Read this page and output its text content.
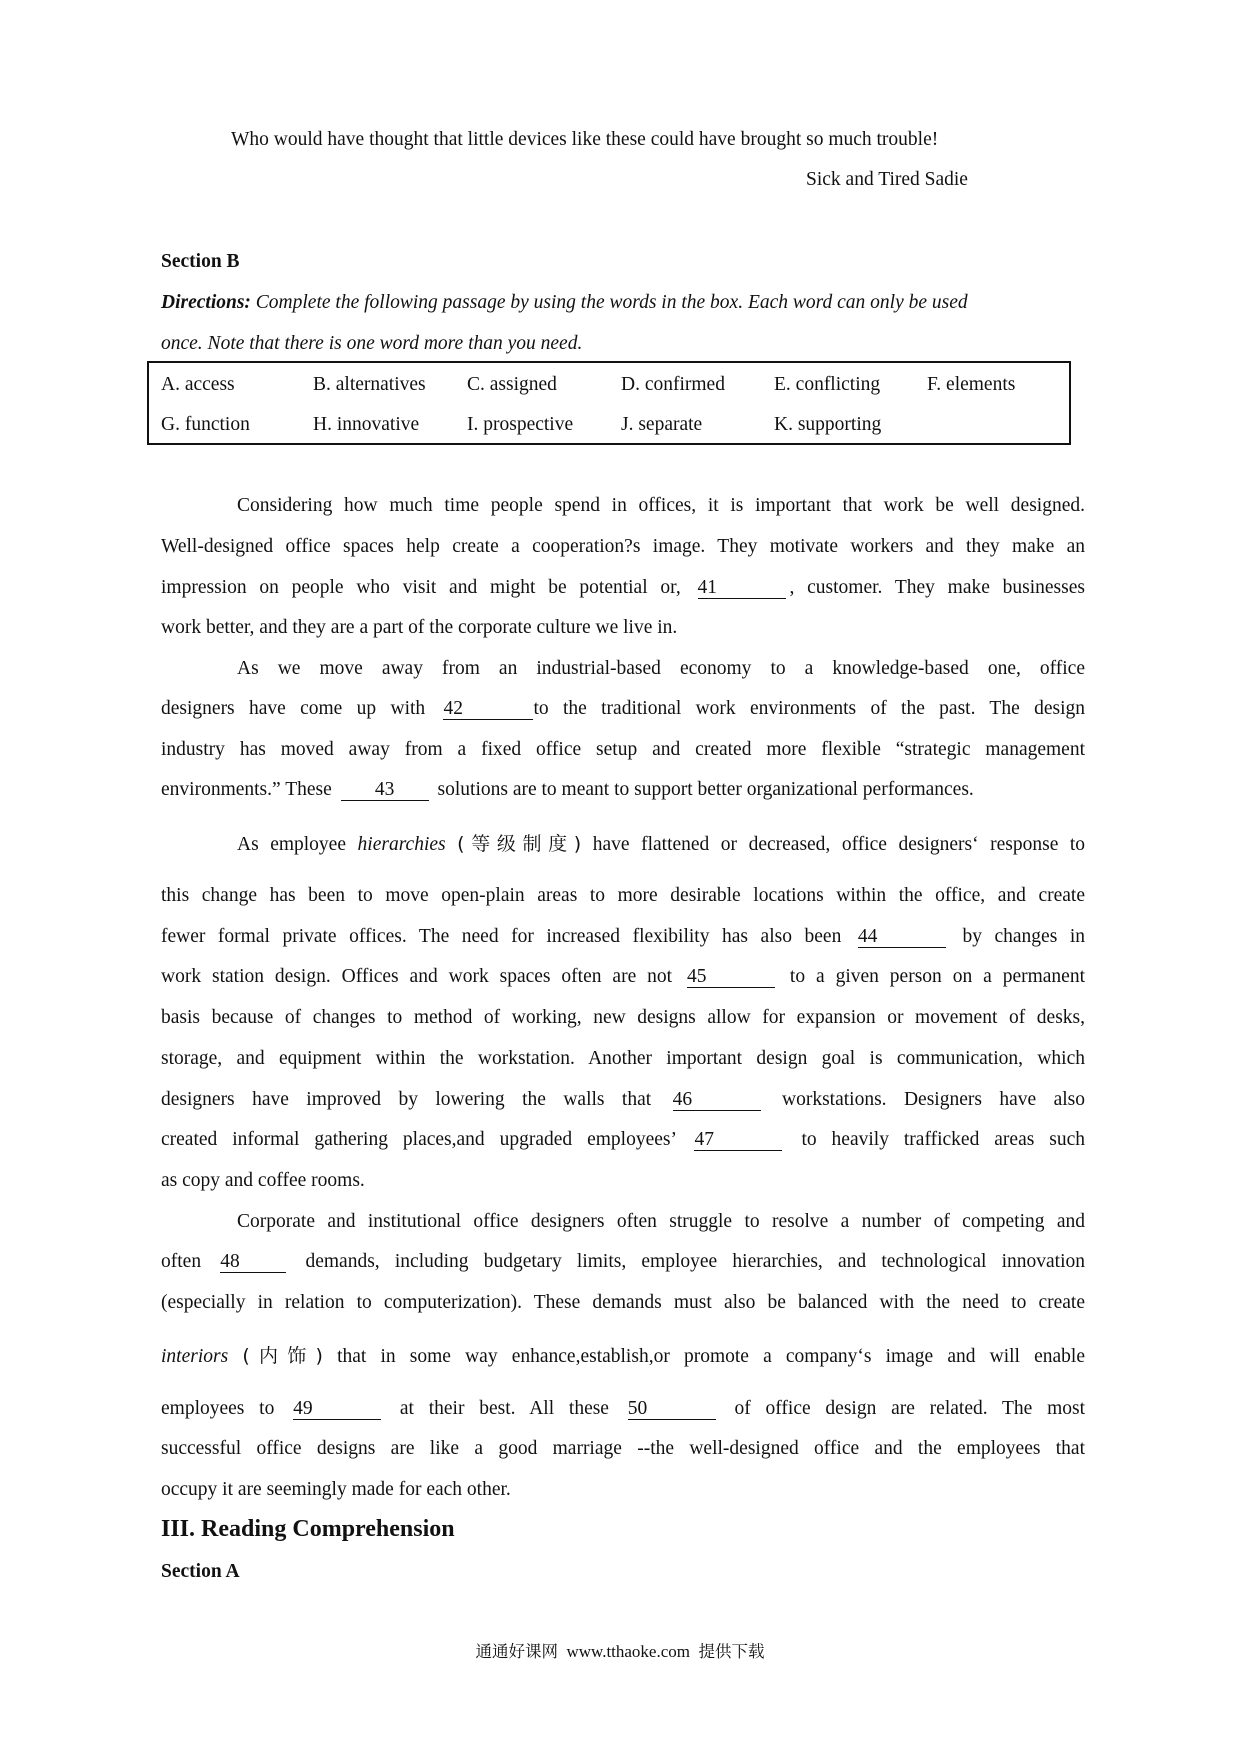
Who would have thought that little devices like these could have brought so much trouble!
Sick and Tired Sadie
Section B
Directions: Complete the following passage by using the words in the box. Each word can only be used
once. Note that there is one word more than you need.
A. access	B. alternatives C. assigned	D. confirmed	E. conflicting F. elements
G. function	H. innovative I. prospective J. separate	K. supporting
Considering how much time people spend in offices, it is important that work be well designed.
Well-designed office spaces help create a cooperation?s image. They motivate workers and they make an
impression on people who visit and might be potential or, 41	, customer. They make businesses
work better, and they are a part of the corporate culture we live in.
As we move away from an industrial-based economy to a knowledge-based one, office
designers have come up with 42	to the traditional work environments of the past. The design
industry has moved away from a fixed office setup and created more flexible “strategic management
environments.” These 43 solutions are to meant to support better organizational performances.
As employee hierarchies (等级制度) have flattened or decreased, office designers‘ response to
this change has been to move open-plain areas to more desirable locations within the office, and create
fewer formal private offices. The need for increased flexibility has also been 44	by changes in
work station design. Offices and work spaces often are not 45	to a given person on a permanent
basis because of changes to method of working, new designs allow for expansion or movement of desks,
storage, and equipment within the workstation. Another important design goal is communication, which
designers have improved by lowering the walls that 46	workstations. Designers have also
created informal gathering places,and upgraded employees’ 47	to heavily trafficked areas such
as copy and coffee rooms.
Corporate and institutional office designers often struggle to resolve a number of competing and
often 48	demands, including budgetary limits, employee hierarchies, and technological innovation
(especially in relation to computerization). These demands must also be balanced with the need to create
interiors (内饰) that in some way enhance,establish,or promote a company‘s image and will enable
employees to 49	at their best. All these 50	of office design are related. The most
successful office designs are like a good marriage --the well-designed office and the employees that
occupy it are seemingly made for each other.
III. Reading Comprehension
Section A
通通好课网 www.tthaoke.com 提供下载
